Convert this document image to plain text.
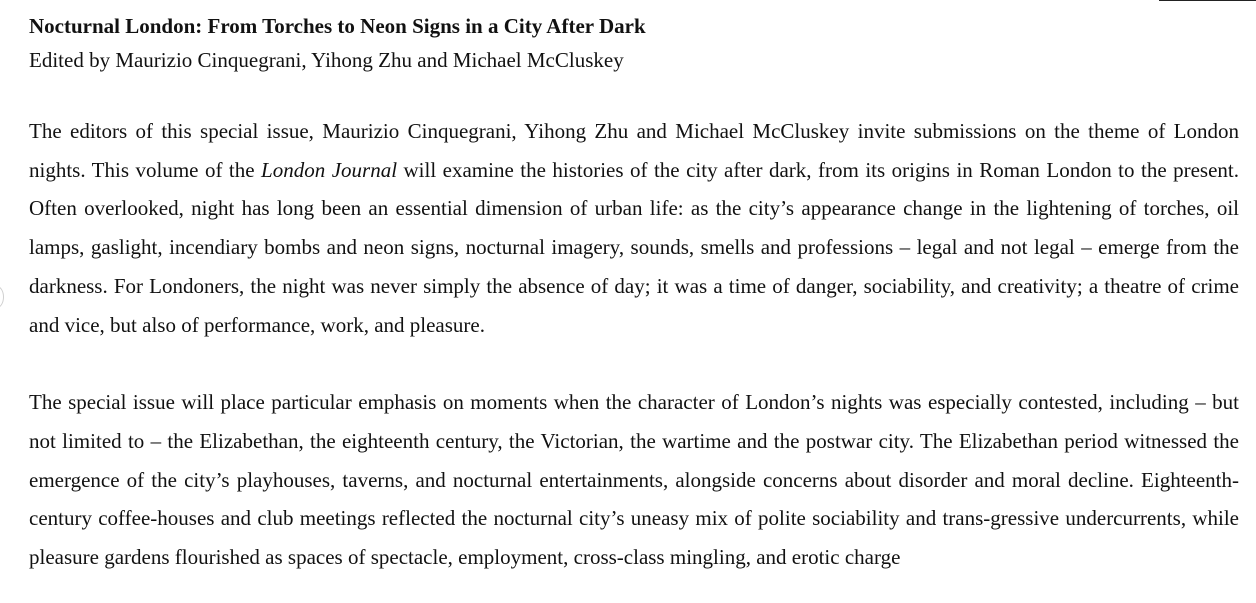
Nocturnal London: From Torches to Neon Signs in a City After Dark

Edited by Maurizio Cinquegrani, Yihong Zhu and Michael McCluskey

The editors of this special issue, Maurizio Cinquegrani, Yihong Zhu and Michael McCluskey invite submissions on the theme of London nights. This volume of the London Journal will examine the histories of the city after dark, from its origins in Roman London to the present. Often overlooked, night has long been an essential dimension of urban life: as the city’s appearance change in the lightening of torches, oil lamps, gaslight, incendiary bombs and neon signs, nocturnal imagery, sounds, smells and professions – legal and not legal – emerge from the darkness. For Londoners, the night was never simply the absence of day; it was a time of danger, sociability, and creativity; a theatre of crime and vice, but also of performance, work, and pleasure.

The special issue will place particular emphasis on moments when the character of London’s nights was especially contested, including – but not limited to – the Elizabethan, the eighteenth century, the Victorian, the wartime and the postwar city. The Elizabethan period witnessed the emergence of the city’s playhouses, taverns, and nocturnal entertainments, alongside concerns about disorder and moral decline. Eighteenth-century coffee-houses and club meetings reflected the nocturnal city’s uneasy mix of polite sociability and trans-gressive undercurrents, while pleasure gardens flourished as spaces of spectacle, employment, cross-class mingling, and erotic charge
